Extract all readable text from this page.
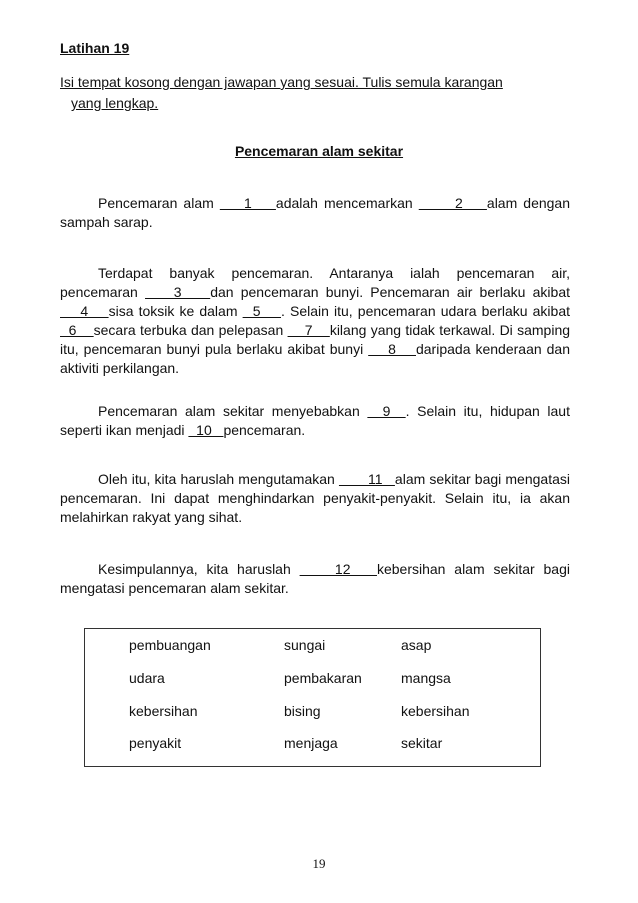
Latihan 19
Isi tempat kosong dengan jawapan yang sesuai. Tulis semula karangan
yang lengkap.
Pencemaran alam sekitar

Pencemaran alam     1    adalah mencemarkan       2    alam dengan sampah sarap.

Terdapat banyak pencemaran. Antaranya ialah pencemaran air, pencemaran     3    dan pencemaran bunyi. Pencemaran air berlaku akibat     4    sisa toksik ke dalam   5    . Selain itu, pencemaran udara berlaku akibat   6    secara terbuka dan pelepasan     7    kilang yang tidak terkawal. Di samping itu, pencemaran bunyi pula berlaku akibat bunyi     8    daripada kenderaan dan aktiviti perkilangan.

Pencemaran alam sekitar menyebabkan   9  . Selain itu, hidupan laut seperti ikan menjadi   10   pencemaran.

Oleh itu, kita haruslah mengutamakan        11   alam sekitar bagi mengatasi pencemaran. Ini dapat menghindarkan penyakit-penyakit. Selain itu, ia akan melahirkan rakyat yang sihat.

Kesimpulannya, kita haruslah     12   kebersihan alam sekitar bagi mengatasi pencemaran alam sekitar.

pembuangan	sungai	asap
udara	pembakaran	mangsa
kebersihan	bising	kebersihan
penyakit	menjaga	sekitar
19
